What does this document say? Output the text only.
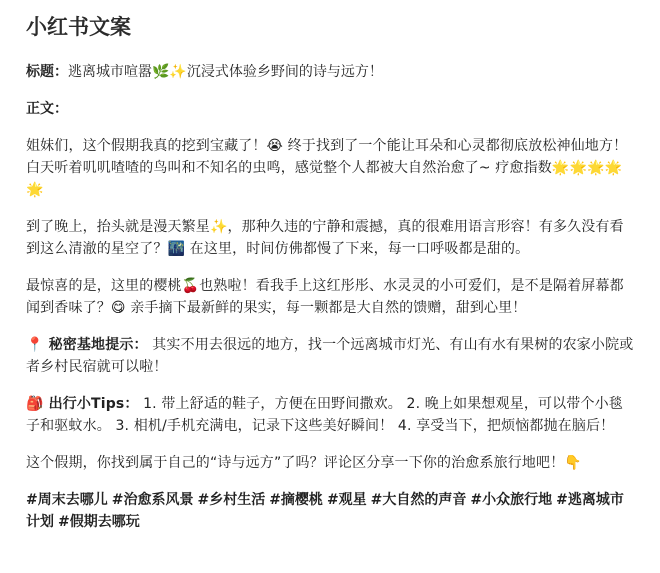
小红书文案
标题：逃离城市喧嚣🌿✨沉浸式体验乡野间的诗与远方！
正文：
姐妹们，这个假期我真的挖到宝藏了！😭 终于找到了一个能让耳朵和心灵都彻底放松神仙地方！白天听着叽叽喳喳的鸟叫和不知名的虫鸣，感觉整个人都被大自然治愈了~ 疗愈指数🌟🌟🌟🌟🌟
到了晚上，抬头就是漫天繁星✨，那种久违的宁静和震撼，真的很难用语言形容！有多久没有看到这么清澈的星空了？🌃 在这里，时间仿佛都慢了下来，每一口呼吸都是甜的。
最惊喜的是，这里的樱桃🍒也熟啦！看我手上这红彤彤、水灵灵的小可爱们，是不是隔着屏幕都闻到香味了？😋 亲手摘下最新鲜的果实，每一颗都是大自然的馈赠，甜到心里！
📍 秘密基地提示： 其实不用去很远的地方，找一个远离城市灯光、有山有水有果树的农家小院或者乡村民宿就可以啦！
🎒 出行小Tips： 1. 带上舒适的鞋子，方便在田野间撒欢。 2. 晚上如果想观星，可以带个小毯子和驱蚊水。 3. 相机/手机充满电，记录下这些美好瞬间！ 4. 享受当下，把烦恼都抛在脑后！
这个假期，你找到属于自己的“诗与远方”了吗？评论区分享一下你的治愈系旅行地吧！👇
#周末去哪儿 #治愈系风景 #乡村生活 #摘樱桃 #观星 #大自然的声音 #小众旅行地 #逃离城市计划 #假期去哪玩
